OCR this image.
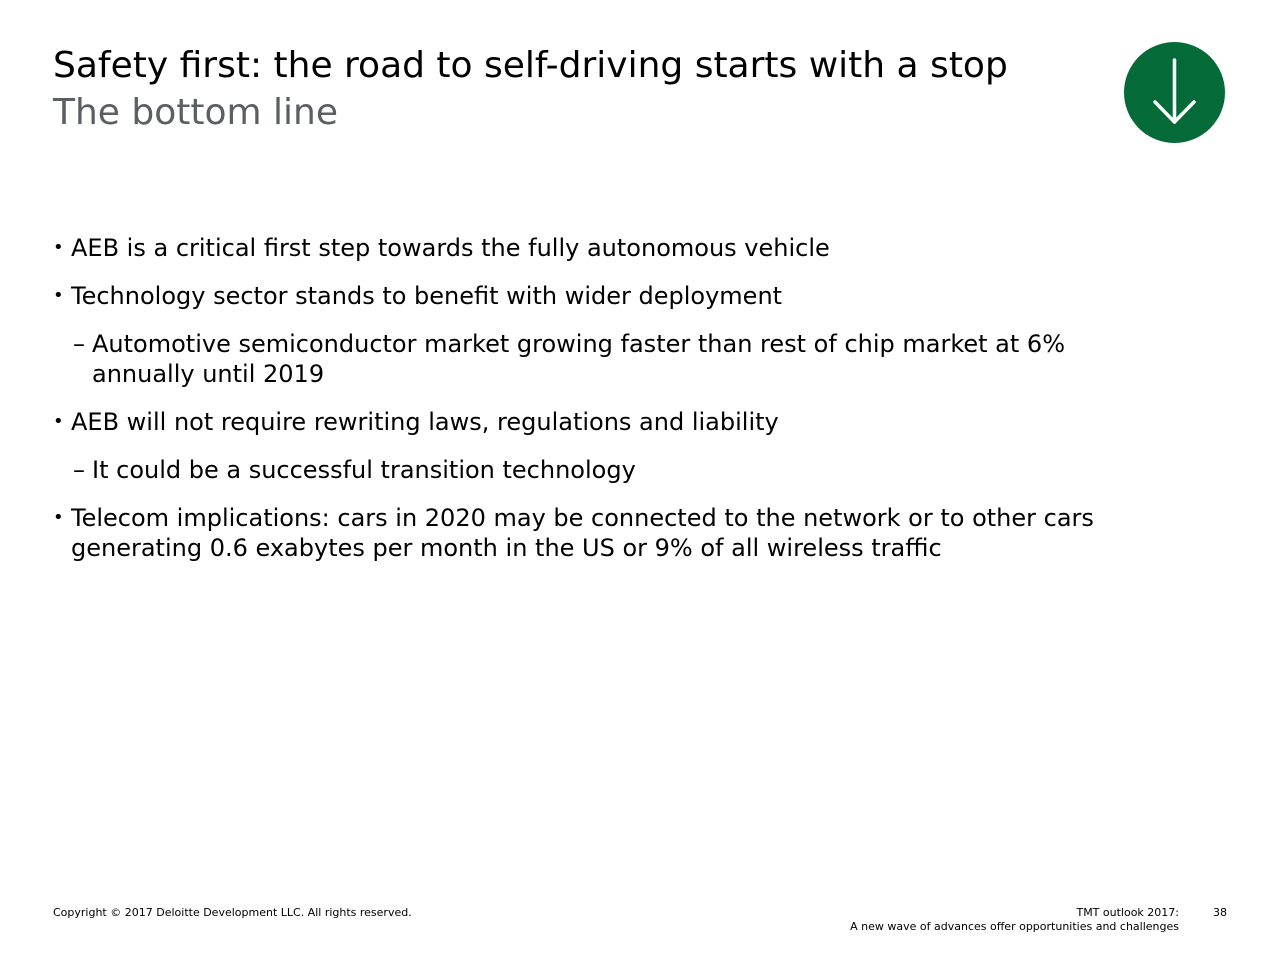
Safety first: the road to self-driving starts with a stop
The bottom line
• AEB is a critical first step towards the fully autonomous vehicle
• Technology sector stands to benefit with wider deployment
– Automotive semiconductor market growing faster than rest of chip market at 6% annually until 2019
• AEB will not require rewriting laws, regulations and liability
– It could be a successful transition technology
• Telecom implications: cars in 2020 may be connected to the network or to other cars generating 0.6 exabytes per month in the US or 9% of all wireless traffic
Copyright © 2017 Deloitte Development LLC. All rights reserved.	TMT outlook 2017:
A new wave of advances offer opportunities and challenges
38
